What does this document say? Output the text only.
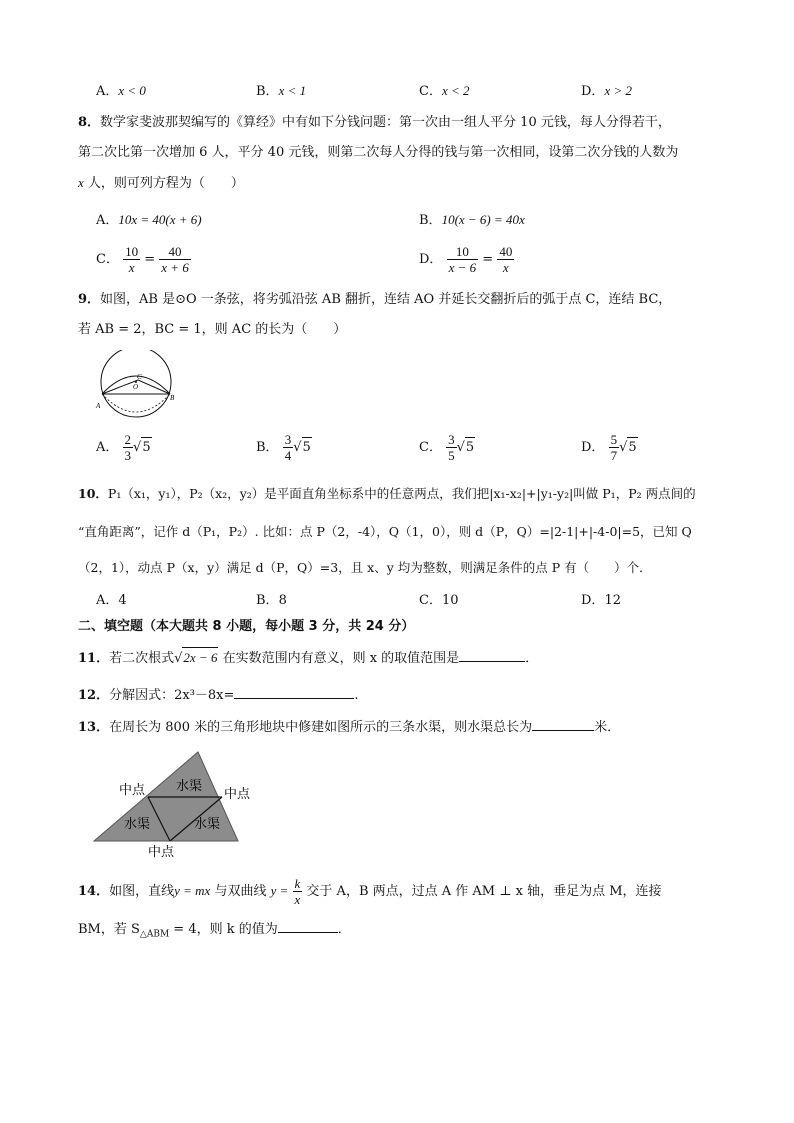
A．x < 0	B．x < 1	C．x < 2	D．x > 2
8．数学家斐波那契编写的《算经》中有如下分钱问题：第一次由一组人平分 10 元钱，每人分得若干，
第二次比第一次增加 6 人，平分 40 元钱，则第二次每人分得的钱与第一次相同，设第二次分钱的人数为
x 人，则可列方程为（　　）
A．10x = 40(x + 6)	B．10(x − 6) = 40x
C． $\frac{10}{x} = \frac{40}{x + 6}$	D． $\frac{10}{x - 6} = \frac{40}{x}$
9．如图，AB 是⊙O 一条弦，将劣弧沿弦 AB 翻折，连结 AO 并延长交翻折后的弧于点 C，连结 BC，
若 AB = 2，BC = 1，则 AC 的长为（　　）
A
B
C
O
A． $\frac{2}{3} √5$	B． $\frac{3}{4} √5$	C． $\frac{3}{5} √5$	D． $\frac{5}{7} √5$
10．P₁（x₁，y₁），P₂（x₂，y₂）是平面直角坐标系中的任意两点，我们把|x₁-x₂|+|y₁-y₂|叫做 P₁，P₂ 两点间的
“直角距离”，记作 d（P₁，P₂）. 比如：点 P（2，-4），Q（1，0），则 d（P，Q）=|2-1|+|-4-0|=5，已知 Q
（2，1），动点 P（x，y）满足 d（P，Q）=3，且 x、y 均为整数，则满足条件的点 P 有（　　）个．
A．4	B．8	C．10	D．12
二、填空题（本大题共 8 小题，每小题 3 分，共 24 分）
11．若二次根式√2x − 6 在实数范围内有意义，则 x 的取值范围是	．
12．分解因式：2x³－8x=	.
13．在周长为 800 米的三角形地块中修建如图所示的三条水渠，则水渠总长为	米．
中点	中点
中点
水渠
水渠	水渠
14．如图，直线y = mx 与双曲线 $y = \frac{k}{x}$ 交于 A，B 两点，过点 A 作 AM ⊥ x 轴，垂足为点 M，连接
BM，若 $S_{\triangle ABM} = 4$，则 k 的值为	．
